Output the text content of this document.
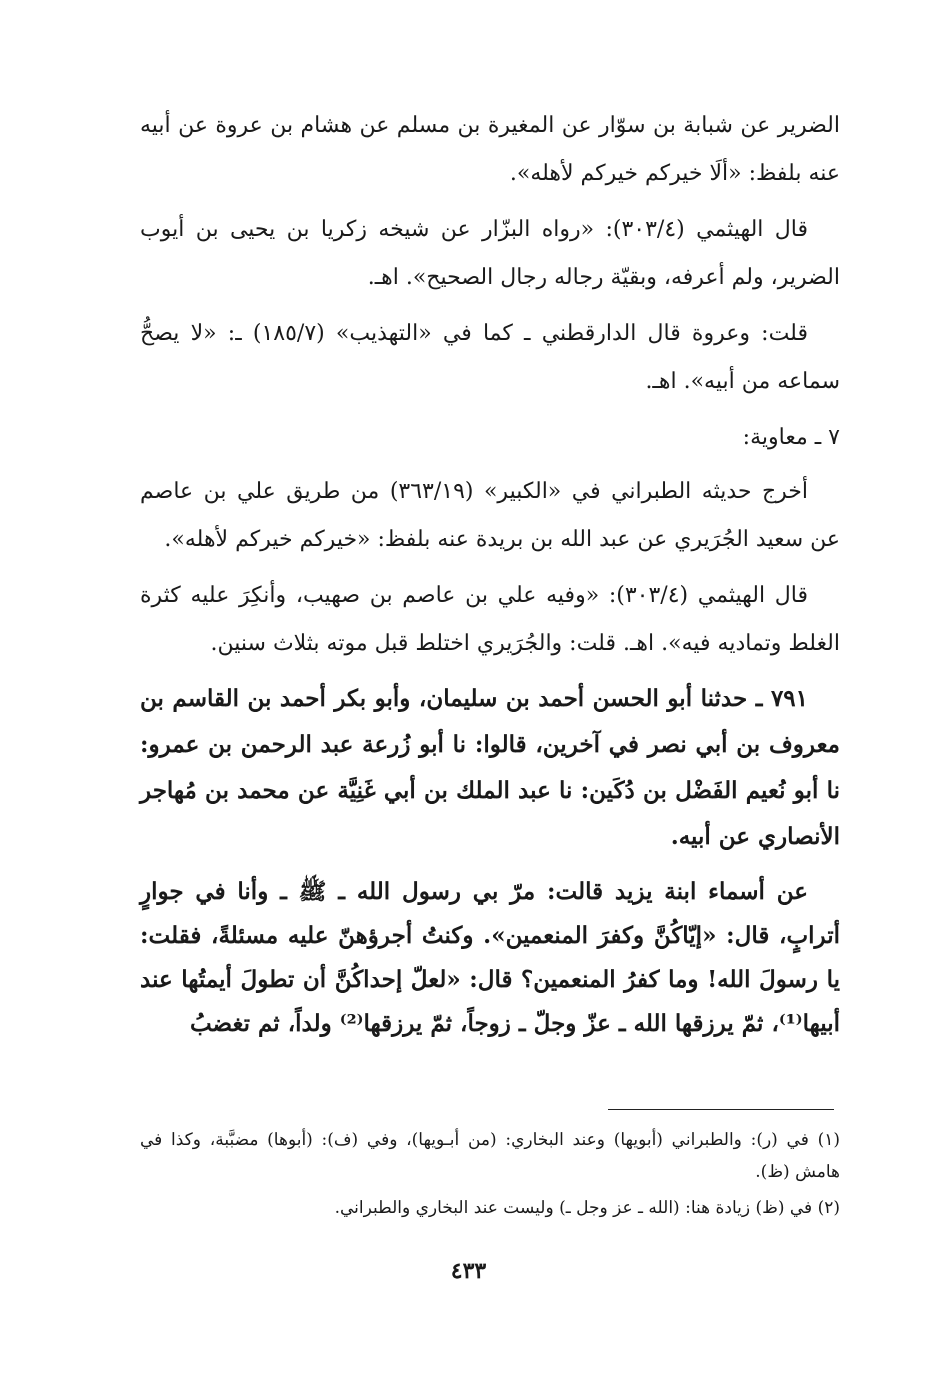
الضرير عن شبابة بن سوّار عن المغيرة بن مسلم عن هشام بن عروة عن أبيه عنه بلفظ: «ألَا خيركم خيركم لأهله».

قال الهيثمي (٣٠٣/٤): «رواه البزّار عن شيخه زكريا بن يحيى بن أيوب الضرير، ولم أعرفه، وبقيّة رجاله رجال الصحيح». اهـ.

قلت: وعروة قال الدارقطني ـ كما في «التهذيب» (١٨٥/٧) ـ: «لا يصحُّ سماعه من أبيه». اهـ.

٧ ـ معاوية:

أخرج حديثه الطبراني في «الكبير» (٣٦٣/١٩) من طريق علي بن عاصم عن سعيد الجُرَيري عن عبد الله بن بريدة عنه بلفظ: «خيركم خيركم لأهله».

قال الهيثمي (٣٠٣/٤): «وفيه علي بن عاصم بن صهيب، وأنكِرَ عليه كثرة الغلط وتماديه فيه». اهـ. قلت: والجُرَيري اختلط قبل موته بثلاث سنين.

٧٩١ ـ حدثنا أبو الحسن أحمد بن سليمان، وأبو بكر أحمد بن القاسم بن معروف بن أبي نصر في آخرين، قالوا: نا أبو زُرعة عبد الرحمن بن عمرو: نا أبو نُعيم الفَضْل بن دُكَين: نا عبد الملك بن أبي غَنِيَّة عن محمد بن مُهاجر الأنصاري عن أبيه.

عن أسماء ابنة يزيد قالت: مرّ بي رسول الله ـ ﷺ ـ وأنا في جوارٍ أترابٍ، قال: «إيّاكُنَّ وكفرَ المنعمين». وكنتُ أجرؤهنّ عليه مسئلةً، فقلت: يا رسولَ الله! وما كفرُ المنعمين؟ قال: «لعلّ إحداكُنَّ أن تطولَ أيمتُها عند أبيها⁽¹⁾، ثمّ يرزقها الله ـ عزّ وجلّ ـ زوجاً، ثمّ يرزقها⁽²⁾ ولداً، ثم تغضبُ

(١) في (ر): والطبراني (أبويها) وعند البخاري: (من أبـويها)، وفي (ف): (أبوها) مضبَّبة، وكذا في هامش (ظ).

(٢) في (ظ) زيادة هنا: (الله ـ عز وجل ـ) وليست عند البخاري والطبراني.

٤٣٣
